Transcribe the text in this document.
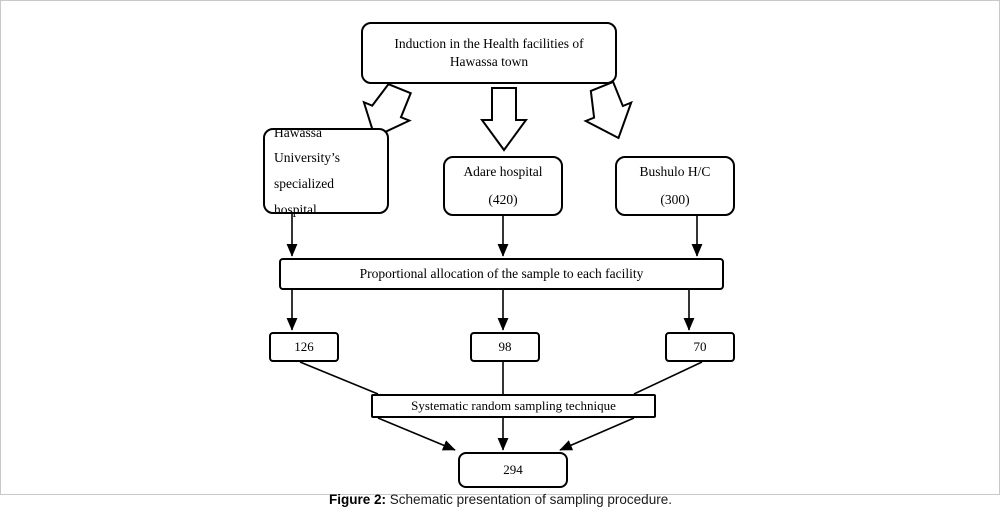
Induction in the Health facilities of
Hawassa town
Hawassa
University’s
specialized
hospital
Adare hospital
(420)
Bushulo H/C
(300)
Proportional allocation of the sample to each facility
126	98	70
Systematic random sampling technique
294
Figure 2: Schematic presentation of sampling procedure.
